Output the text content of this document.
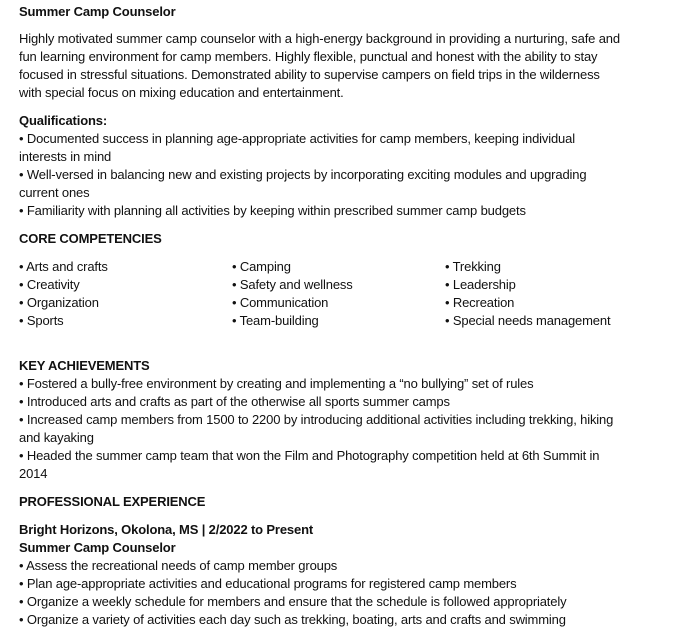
Summer Camp Counselor
Highly motivated summer camp counselor with a high-energy background in providing a nurturing, safe and
fun learning environment for camp members. Highly flexible, punctual and honest with the ability to stay
focused in stressful situations. Demonstrated ability to supervise campers on field trips in the wilderness
with special focus on mixing education and entertainment.
Qualifications:
• Documented success in planning age-appropriate activities for camp members, keeping individual
interests in mind
• Well-versed in balancing new and existing projects by incorporating exciting modules and upgrading
current ones
• Familiarity with planning all activities by keeping within prescribed summer camp budgets
CORE COMPETENCIES
• Arts and crafts
• Creativity
• Organization
• Sports
• Camping
• Safety and wellness
• Communication
• Team-building
• Trekking
• Leadership
• Recreation
• Special needs management
KEY ACHIEVEMENTS
• Fostered a bully-free environment by creating and implementing a “no bullying” set of rules
• Introduced arts and crafts as part of the otherwise all sports summer camps
• Increased camp members from 1500 to 2200 by introducing additional activities including trekking, hiking
and kayaking
• Headed the summer camp team that won the Film and Photography competition held at 6th Summit in
2014
PROFESSIONAL EXPERIENCE
Bright Horizons, Okolona, MS | 2/2022 to Present
Summer Camp Counselor
• Assess the recreational needs of camp member groups
• Plan age-appropriate activities and educational programs for registered camp members
• Organize a weekly schedule for members and ensure that the schedule is followed appropriately
• Organize a variety of activities each day such as trekking, boating, arts and crafts and swimming
